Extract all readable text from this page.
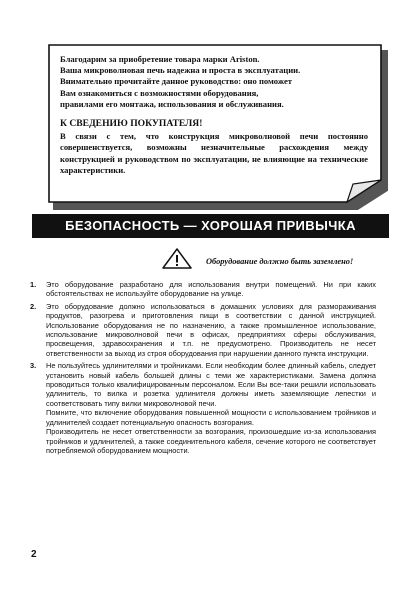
Благодарим за приобретение товара марки Ariston.

Ваша микроволновая печь надежна и проста в эксплуатации.

Внимательно прочитайте данное руководство: оно поможет

Вам ознакомиться с возможностями оборудования,

правилами его монтажа, использования и обслуживания.

К СВЕДЕНИЮ ПОКУПАТЕЛЯ!

В связи с тем, что конструкция микроволновой печи постоянно совершенствуется, возможны незначительные расхождения между конструкцией и руководством по эксплуатации, не влияющие на технические характеристики.

БЕЗОПАСНОСТЬ — ХОРОШАЯ ПРИВЫЧКА
Оборудование должно быть заземлено!
1. Это оборудование разработано для использования внутри помещений. Ни при каких обстоятельствах не используйте оборудование на улице.

2. Это оборудование должно использоваться в домашних условиях для размораживания продуктов, разогрева и приготовления пищи в соответствии с данной инструкцией. Использование оборудования не по назначению, а также промышленное использование, использование микроволновой печи в офисах, предприятиях сферы обслуживания, просвещения, здравоохранения и т.п. не предусмотрено. Производитель не несет ответственности за выход из строя оборудования при нарушении данного пункта инструкции.

3. Не пользуйтесь удлинителями и тройниками. Если необходим более длинный кабель, следует установить новый кабель большей длины с теми же характеристиками. Замена должна проводиться только квалифицированным персоналом. Если Вы все-таки решили использовать удлинитель, то вилка и розетка удлинителя должны иметь заземляющие лепестки и соответствовать типу вилки микроволновой печи.

Помните, что включение оборудования повышенной мощности с использованием тройников и удлинителей создает потенциальную опасность возгорания.

Производитель не несет ответственности за возгорания, произошедшие из-за использования тройников и удлинителей, а также соединительного кабеля, сечение которого не соответствует потребляемой оборудованием мощности.

2
